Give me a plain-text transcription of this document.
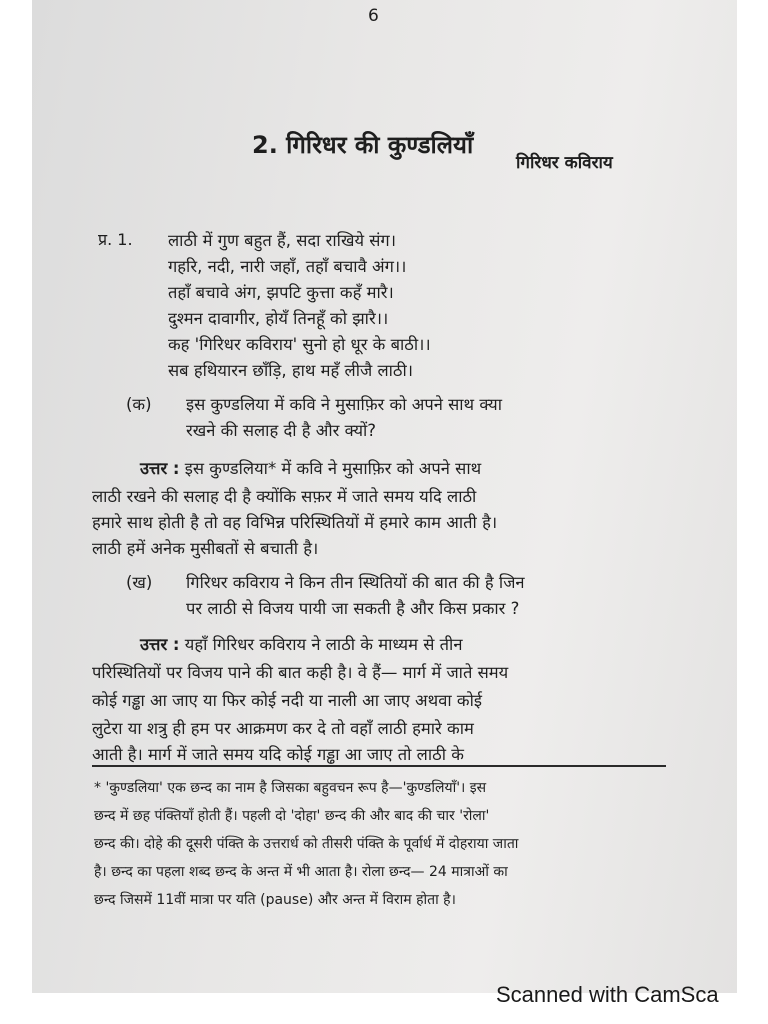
6
2. गिरिधर की कुण्डलियाँ
गिरिधर कविराय
प्र. 1. लाठी में गुण बहुत हैं, सदा राखिये संग।
गहरि, नदी, नारी जहाँ, तहाँ बचावै अंग।।
तहाँ बचावे अंग, झपटि कुत्ता कहँ मारै।
दुश्मन दावागीर, होयँ तिनहूँ को झारै।।
कह 'गिरिधर कविराय' सुनो हो धूर के बाठी।।
सब हथियारन छाँड़ि, हाथ महँ लीजै लाठी।
(क) इस कुण्डलिया में कवि ने मुसाफ़िर को अपने साथ क्या
रखने की सलाह दी है और क्यों?
उत्तर : इस कुण्डलिया* में कवि ने मुसाफ़िर को अपने साथ
लाठी रखने की सलाह दी है क्योंकि सफ़र में जाते समय यदि लाठी
हमारे साथ होती है तो वह विभिन्न परिस्थितियों में हमारे काम आती है।
लाठी हमें अनेक मुसीबतों से बचाती है।
(ख) गिरिधर कविराय ने किन तीन स्थितियों की बात की है जिन
पर लाठी से विजय पायी जा सकती है और किस प्रकार ?
उत्तर : यहाँ गिरिधर कविराय ने लाठी के माध्यम से तीन
परिस्थितियों पर विजय पाने की बात कही है। वे हैं— मार्ग में जाते समय
कोई गड्ढा आ जाए या फिर कोई नदी या नाली आ जाए अथवा कोई
लुटेरा या शत्रु ही हम पर आक्रमण कर दे तो वहाँ लाठी हमारे काम
आती है। मार्ग में जाते समय यदि कोई गड्ढा आ जाए तो लाठी के
* 'कुण्डलिया' एक छन्द का नाम है जिसका बहुवचन रूप है—'कुण्डलियाँ'। इस
छन्द में छह पंक्तियाँ होती हैं। पहली दो 'दोहा' छन्द की और बाद की चार 'रोला'
छन्द की। दोहे की दूसरी पंक्ति के उत्तरार्ध को तीसरी पंक्ति के पूर्वार्ध में दोहराया जाता
है। छन्द का पहला शब्द छन्द के अन्त में भी आता है। रोला छन्द— 24 मात्राओं का
छन्द जिसमें 11वीं मात्रा पर यति (pause) और अन्त में विराम होता है।
Scanned with CamSca
